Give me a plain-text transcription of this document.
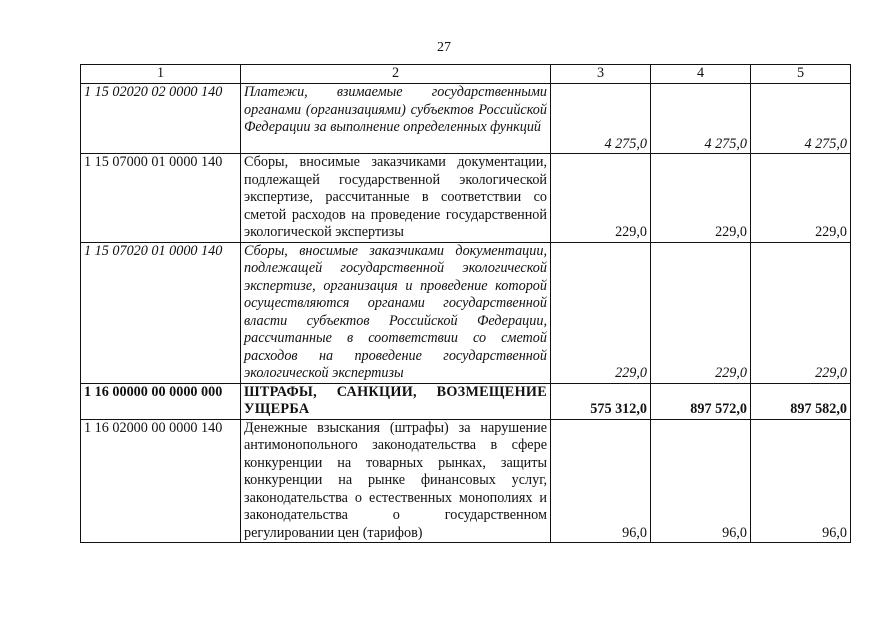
27
1	2	3	4	5
1 15 02020 02 0000 140	Платежи, взимаемые государственными органами (организациями) субъектов Российской Федерации за выполнение определенных функций	4 275,0	4 275,0	4 275,0
1 15 07000 01 0000 140	Сборы, вносимые заказчиками документации, подлежащей государственной экологической экспертизе, рассчитанные в соответствии со сметой расходов на проведение государственной экологической экспертизы	229,0	229,0	229,0
1 15 07020 01 0000 140	Сборы, вносимые заказчиками документации, подлежащей государственной экологической экспертизе, организация и проведение которой осуществляются органами государственной власти субъектов Российской Федерации, рассчитанные в соответствии со сметой расходов на проведение государственной экологической экспертизы	229,0	229,0	229,0
1 16 00000 00 0000 000	ШТРАФЫ, САНКЦИИ, ВОЗМЕЩЕНИЕ УЩЕРБА	575 312,0	897 572,0	897 582,0
1 16 02000 00 0000 140	Денежные взыскания (штрафы) за нарушение антимонопольного законодательства в сфере конкуренции на товарных рынках, защиты конкуренции на рынке финансовых услуг, законодательства о естественных монополиях и законодательства о государственном регулировании цен (тарифов)	96,0	96,0	96,0
